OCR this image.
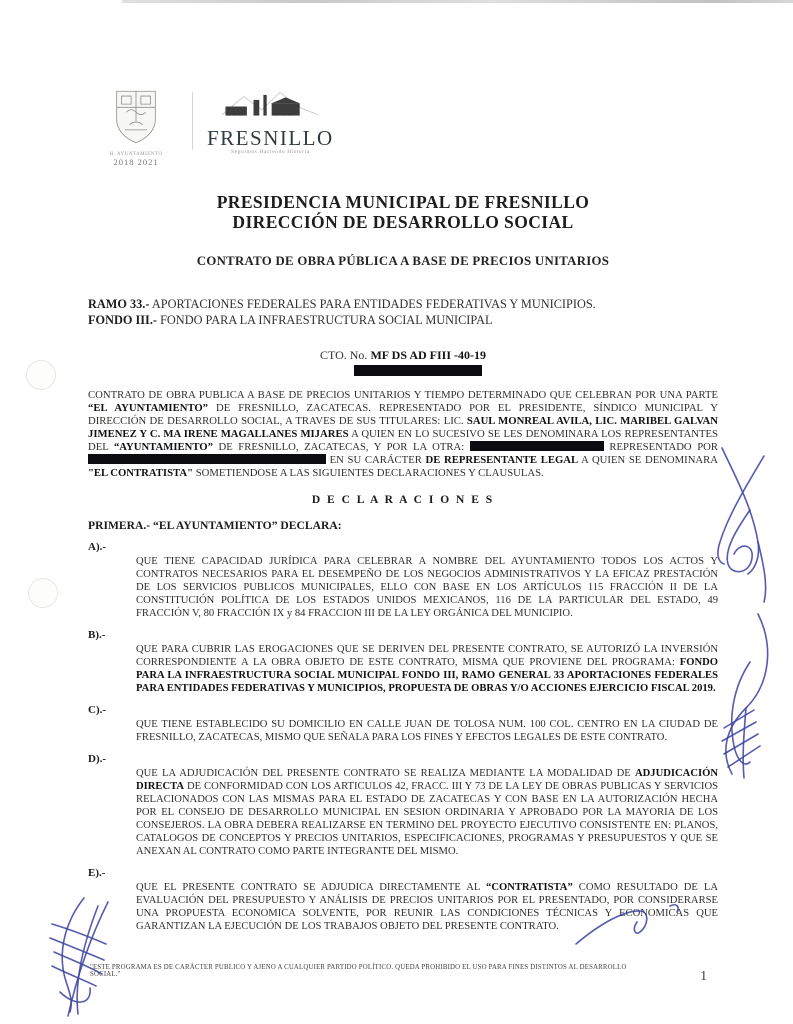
H. AYUNTAMIENTO
2018 2021
FRESNILLO
Seguimos Haciendo Historia
PRESIDENCIA MUNICIPAL DE FRESNILLO
DIRECCIÓN DE DESARROLLO SOCIAL
CONTRATO DE OBRA PÚBLICA A BASE DE PRECIOS UNITARIOS
RAMO 33.- APORTACIONES FEDERALES PARA ENTIDADES FEDERATIVAS Y MUNICIPIOS.
FONDO III.- FONDO PARA LA INFRAESTRUCTURA SOCIAL MUNICIPAL
CTO. No. MF DS AD FIII -40-19

CONTRATO DE OBRA PUBLICA A BASE DE PRECIOS UNITARIOS Y TIEMPO DETERMINADO QUE CELEBRAN POR UNA PARTE “EL AYUNTAMIENTO” DE FRESNILLO, ZACATECAS. REPRESENTADO POR EL PRESIDENTE, SÍNDICO MUNICIPAL Y DIRECCIÓN DE DESARROLLO SOCIAL, A TRAVES DE SUS TITULARES: LIC. SAUL MONREAL AVILA, LIC. MARIBEL GALVAN JIMENEZ Y C. MA IRENE MAGALLANES MIJARES A QUIEN EN LO SUCESIVO SE LES DENOMINARA LOS REPRESENTANTES DEL “AYUNTAMIENTO” DE FRESNILLO, ZACATECAS, Y POR LA OTRA:	REPRESENTADO POR  EN SU CARÁCTER DE REPRESENTANTE LEGAL A QUIEN SE DENOMINARA "EL CONTRATISTA" SOMETIENDOSE A LAS SIGUIENTES DECLARACIONES Y CLAUSULAS.

D E C L A R A C I O N E S
PRIMERA.- “EL AYUNTAMIENTO” DECLARA:
A).-

QUE TIENE CAPACIDAD JURÍDICA PARA CELEBRAR A NOMBRE DEL AYUNTAMIENTO TODOS LOS ACTOS Y CONTRATOS NECESARIOS PARA EL DESEMPEÑO DE LOS NEGOCIOS ADMINISTRATIVOS Y LA EFICAZ PRESTACIÓN DE LOS SERVICIOS PUBLICOS MUNICIPALES, ELLO CON BASE EN LOS ARTÍCULOS 115 FRACCIÓN II DE LA CONSTITUCIÓN POLÍTICA DE LOS ESTADOS UNIDOS MEXICANOS, 116 DE LA PARTICULAR DEL ESTADO, 49 FRACCIÓN V, 80 FRACCIÓN IX y 84 FRACCION III DE LA LEY ORGÁNICA DEL MUNICIPIO.

B).-

QUE PARA CUBRIR LAS EROGACIONES QUE SE DERIVEN DEL PRESENTE CONTRATO, SE AUTORIZÓ LA INVERSIÓN CORRESPONDIENTE A LA OBRA OBJETO DE ESTE CONTRATO, MISMA QUE PROVIENE DEL PROGRAMA: FONDO PARA LA INFRAESTRUCTURA SOCIAL MUNICIPAL FONDO III, RAMO GENERAL 33 APORTACIONES FEDERALES PARA ENTIDADES FEDERATIVAS Y MUNICIPIOS, PROPUESTA DE OBRAS Y/O ACCIONES EJERCICIO FISCAL 2019.

C).-

QUE TIENE ESTABLECIDO SU DOMICILIO EN CALLE JUAN DE TOLOSA NUM. 100 COL. CENTRO EN LA CIUDAD DE FRESNILLO, ZACATECAS, MISMO QUE SEÑALA PARA LOS FINES Y EFECTOS LEGALES DE ESTE CONTRATO.

D).-

QUE LA ADJUDICACIÓN DEL PRESENTE CONTRATO SE REALIZA MEDIANTE LA MODALIDAD DE ADJUDICACIÓN DIRECTA DE CONFORMIDAD CON LOS ARTICULOS 42, FRACC. III Y 73 DE LA LEY DE OBRAS PUBLICAS Y SERVICIOS RELACIONADOS CON LAS MISMAS PARA EL ESTADO DE ZACATECAS Y CON BASE EN LA AUTORIZACIÓN HECHA POR EL CONSEJO DE DESARROLLO MUNICIPAL EN SESION ORDINARIA Y APROBADO POR LA MAYORIA DE LOS CONSEJEROS. LA OBRA DEBERA REALIZARSE EN TERMINO DEL PROYECTO EJECUTIVO CONSISTENTE EN: PLANOS, CATALOGOS DE CONCEPTOS Y PRECIOS UNITARIOS, ESPECIFICACIONES, PROGRAMAS Y PRESUPUESTOS Y QUE SE ANEXAN AL CONTRATO COMO PARTE INTEGRANTE DEL MISMO.

E).-

QUE EL PRESENTE CONTRATO SE ADJUDICA DIRECTAMENTE AL “CONTRATISTA” COMO RESULTADO DE LA EVALUACIÓN DEL PRESUPUESTO Y ANÁLISIS DE PRECIOS UNITARIOS POR EL PRESENTADO, POR CONSIDERARSE UNA PROPUESTA ECONOMICA SOLVENTE, POR REUNIR LAS CONDICIONES TÉCNICAS Y ECONOMICAS QUE GARANTIZAN LA EJECUCIÓN DE LOS TRABAJOS OBJETO DEL PRESENTE CONTRATO.

"ESTE PROGRAMA ES DE CARÁCTER PUBLICO Y AJENO A CUALQUIER PARTIDO POLÍTICO. QUEDA PROHIBIDO EL USO PARA FINES DISTINTOS AL DESARROLLO SOCIAL."	1
